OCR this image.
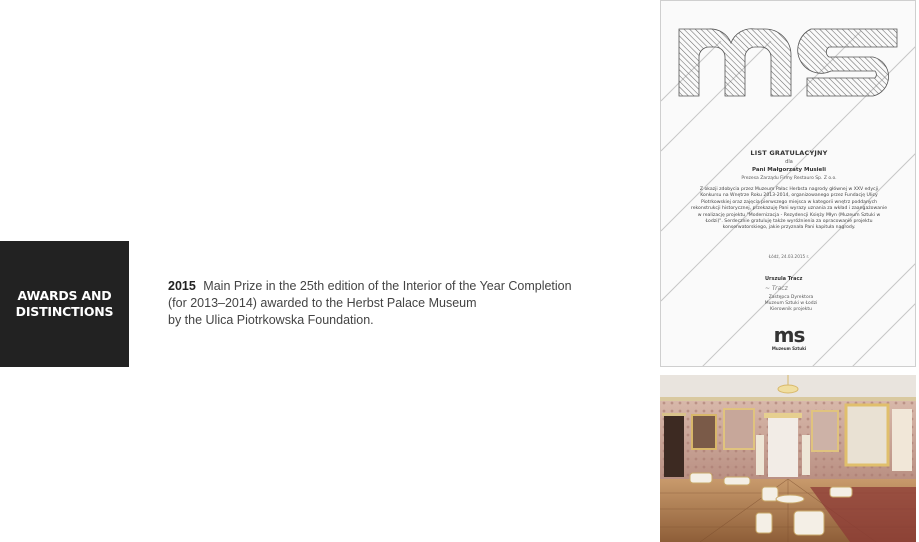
AWARDS AND
DISTINCTIONS
2015 Main Prize in the 25th edition of the Interior of the Year Completion
(for 2013–2014) awarded to the Herbst Palace Museum
by the Ulica Piotrkowska Foundation.
LIST GRATULACYJNY
dla
Pani Małgorzaty Musieli
Prezesa Zarządu Firmy Restauro Sp. Z o.o.
Z okazji zdobycia przez Muzeum Pałac Herbsta nagrody głównej w XXV edycji Konkursu na Wnętrze Roku 2013-2014, organizowanego przez Fundację Ulicy Piotrkowskiej oraz zajęcia pierwszego miejsca w kategorii wnętrz poddanych rekonstrukcji historycznej, przekazuję Pani wyrazy uznania za wkład i zaangażowanie w realizację projektu "Modernizacja - Rezydencji Księży Młyn (Muzeum Sztuki w Łodzi)". Serdecznie gratuluję także wyróżnienia za opracowanie projektu konserwatorskiego, jakie przyznała Pani kapituła nagrody.
Łódź, 24.03.2015 r.
Urszula Tracz
~ Tracz
Zastępca Dyrektora
Muzeum Sztuki w Łodzi
Kierownik projektu
ms
Muzeum Sztuki
